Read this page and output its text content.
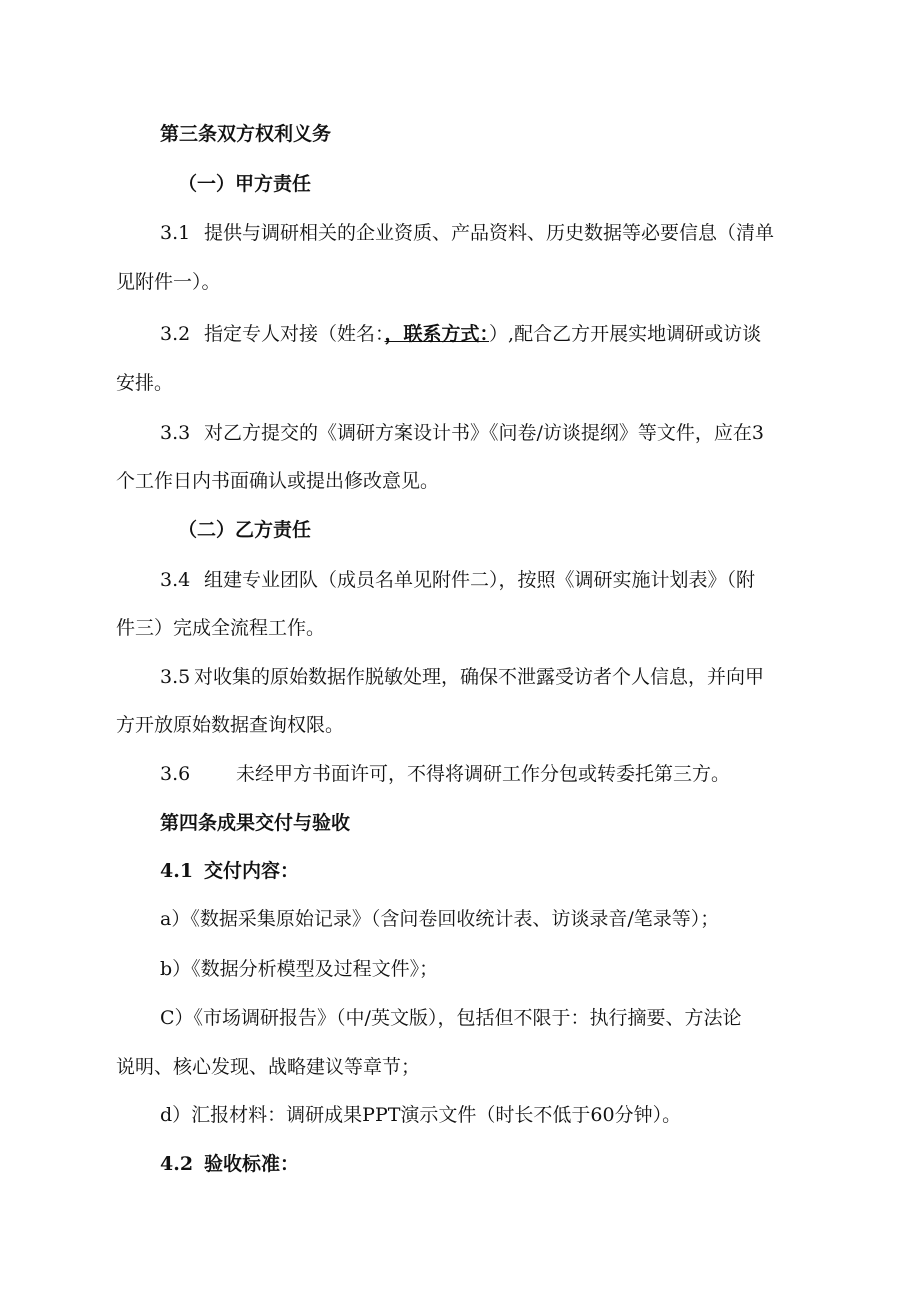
第三条双方权利义务

（一）甲方责任

3.1 提供与调研相关的企业资质、产品资料、历史数据等必要信息（清单

见附件一）。

3.2 指定专人对接（姓名：，联系方式：）,配合乙方开展实地调研或访谈

安排。

3.3 对乙方提交的《调研方案设计书》《问卷/访谈提纲》等文件，应在3

个工作日内书面确认或提出修改意见。

（二）乙方责任

3.4 组建专业团队（成员名单见附件二），按照《调研实施计划表》（附

件三）完成全流程工作。

3.5 对收集的原始数据作脱敏处理，确保不泄露受访者个人信息，并向甲

方开放原始数据查询权限。

3.6 未经甲方书面许可，不得将调研工作分包或转委托第三方。

第四条成果交付与验收

4.1 交付内容：

a）《数据采集原始记录》（含问卷回收统计表、访谈录音/笔录等）；

b）《数据分析模型及过程文件》；

C）《市场调研报告》（中/英文版），包括但不限于：执行摘要、方法论

说明、核心发现、战略建议等章节；

d）汇报材料：调研成果PPT演示文件（时长不低于60分钟）。

4.2 验收标准：
